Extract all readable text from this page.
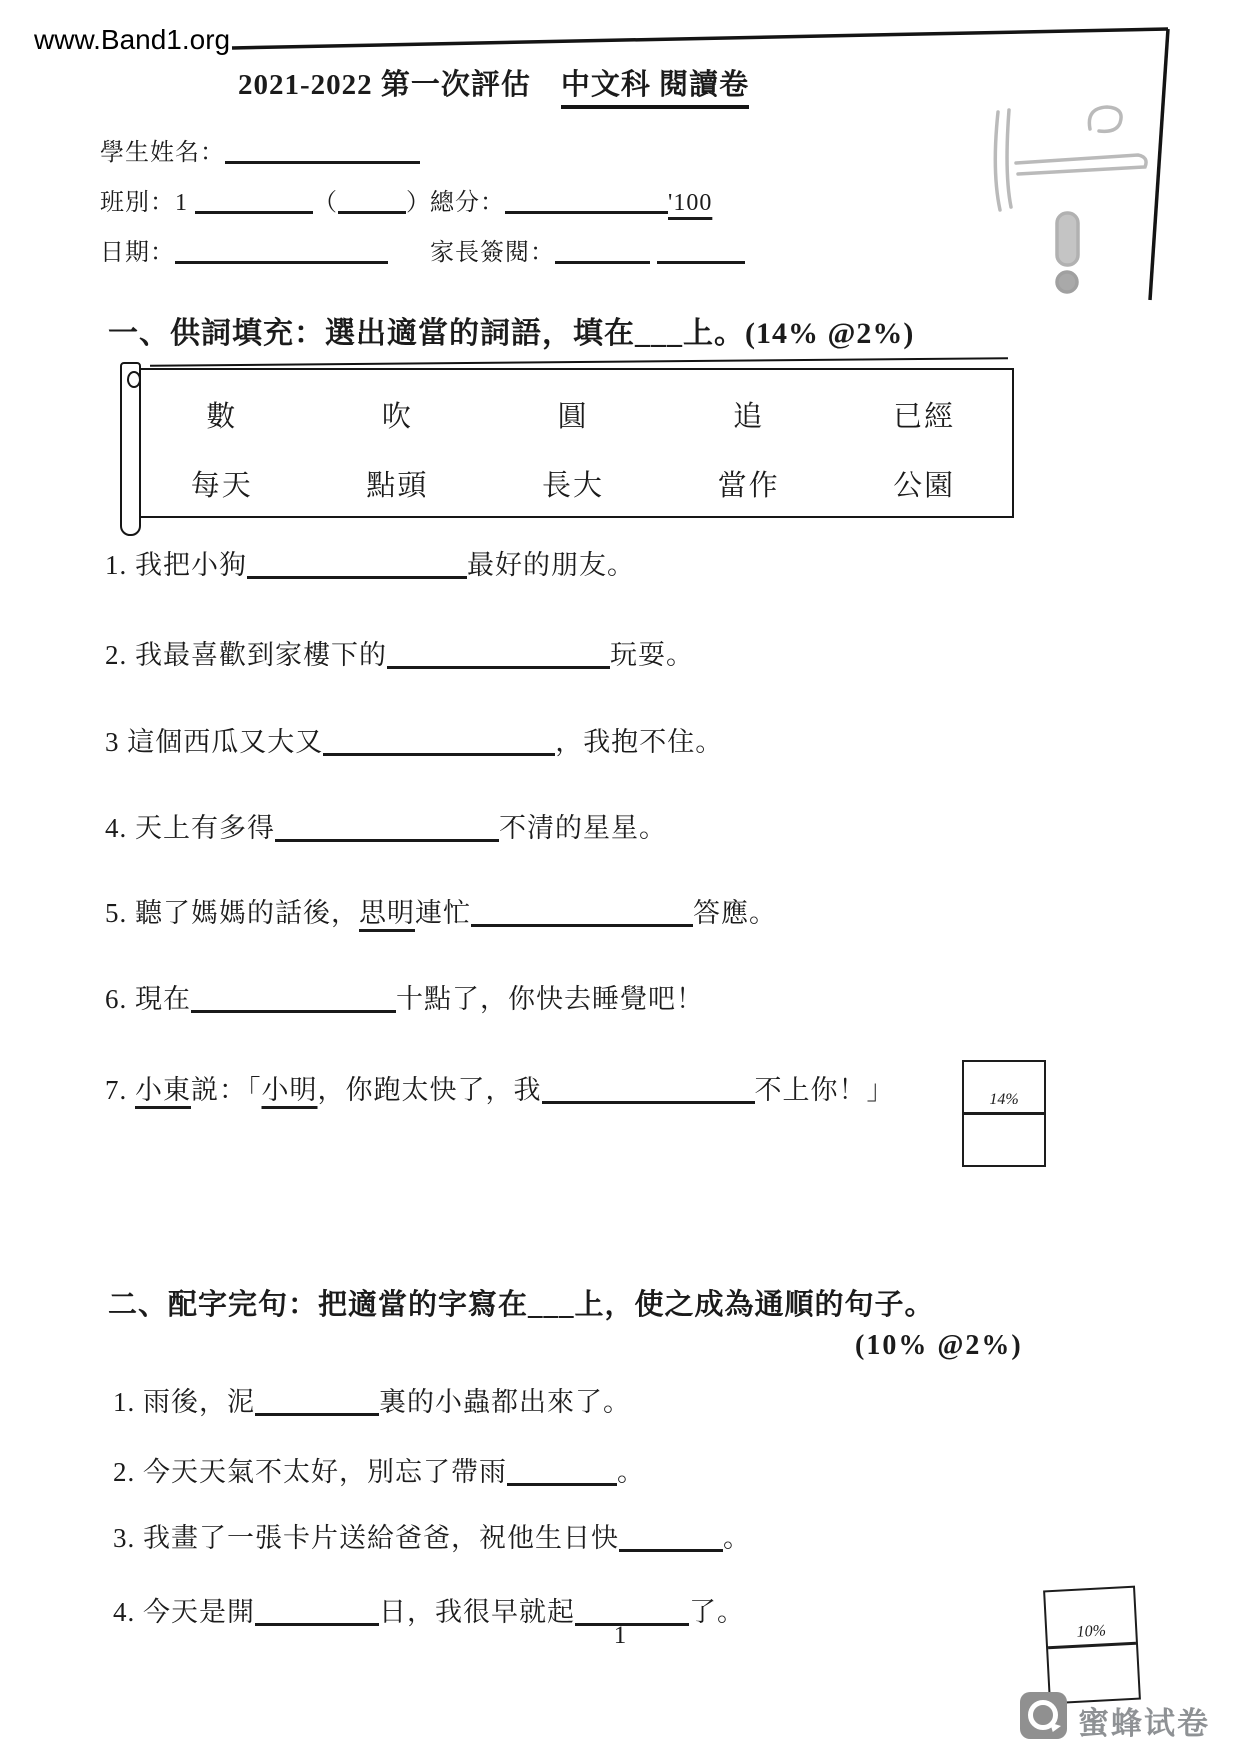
www.Band1.org
2021-2022 第一次評估　中文科 閱讀卷
學生姓名：
班別：1	（	） 總分：	'100
日期：	家長簽閱：
一、供詞填充：選出適當的詞語，填在___上。(14% @2%)
數	吹	圓	追	已經
每天	點頭	長大	當作	公園
1. 我把小狗	最好的朋友。
2. 我最喜歡到家樓下的	玩耍。
3 這個西瓜又大又	，我抱不住。
4. 天上有多得	不清的星星。
5. 聽了媽媽的話後，思明連忙	答應。
6. 現在	十點了，你快去睡覺吧！
7. 小東説：「小明，你跑太快了，我	不上你！」	14%
二、配字完句：把適當的字寫在___上，使之成為通順的句子。
(10% @2%)
1. 雨後，泥	裏的小蟲都出來了。
2. 今天天氣不太好，別忘了帶雨	。
3. 我畫了一張卡片送給爸爸，祝他生日快	。
4. 今天是開	日，我很早就起	了。
10%
1
蜜蜂试卷
